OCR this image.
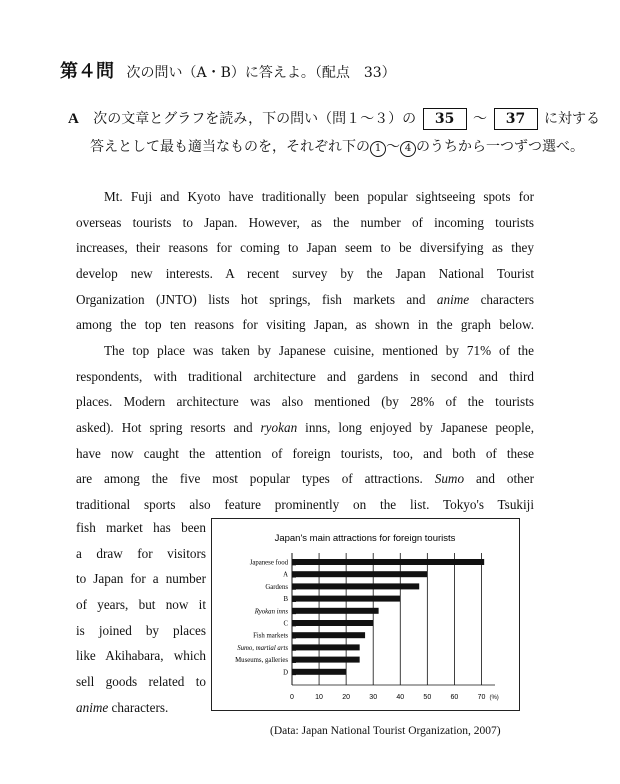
第４問 次の問い（A・B）に答えよ。（配点　33）
A 次の文章とグラフを読み，下の問い（問１～３）の 35 ～ 37 に対する
答えとして最も適当なものを，それぞれ下の 1 ～ 4 のうちから一つずつ選べ。
Mt. Fuji and Kyoto have traditionally been popular sightseeing spots for
overseas tourists to Japan. However, as the number of incoming tourists
increases, their reasons for coming to Japan seem to be diversifying as they
develop new interests. A recent survey by the Japan National Tourist
Organization (JNTO) lists hot springs, fish markets and anime characters
among the top ten reasons for visiting Japan, as shown in the graph below.
The top place was taken by Japanese cuisine, mentioned by 71% of the
respondents, with traditional architecture and gardens in second and third
places. Modern architecture was also mentioned (by 28% of the tourists
asked). Hot spring resorts and ryokan inns, long enjoyed by Japanese people,
have now caught the attention of foreign tourists, too, and both of these
are among the five most popular types of attractions. Sumo and other
traditional sports also feature prominently on the list. Tokyo's Tsukiji
fish market has been
a draw for visitors
to Japan for a number
of years, but now it
is joined by places
like Akihabara, which
sell goods related to
anime characters.
Japan's main attractions for foreign tourists
0	10	20	30	40	50	60	70 (%)
Japanese food
A
Gardens
B
Ryokan inns
C
Fish markets
Sumo, martial arts
Museums, galleries
D
(Data: Japan National Tourist Organization, 2007)
